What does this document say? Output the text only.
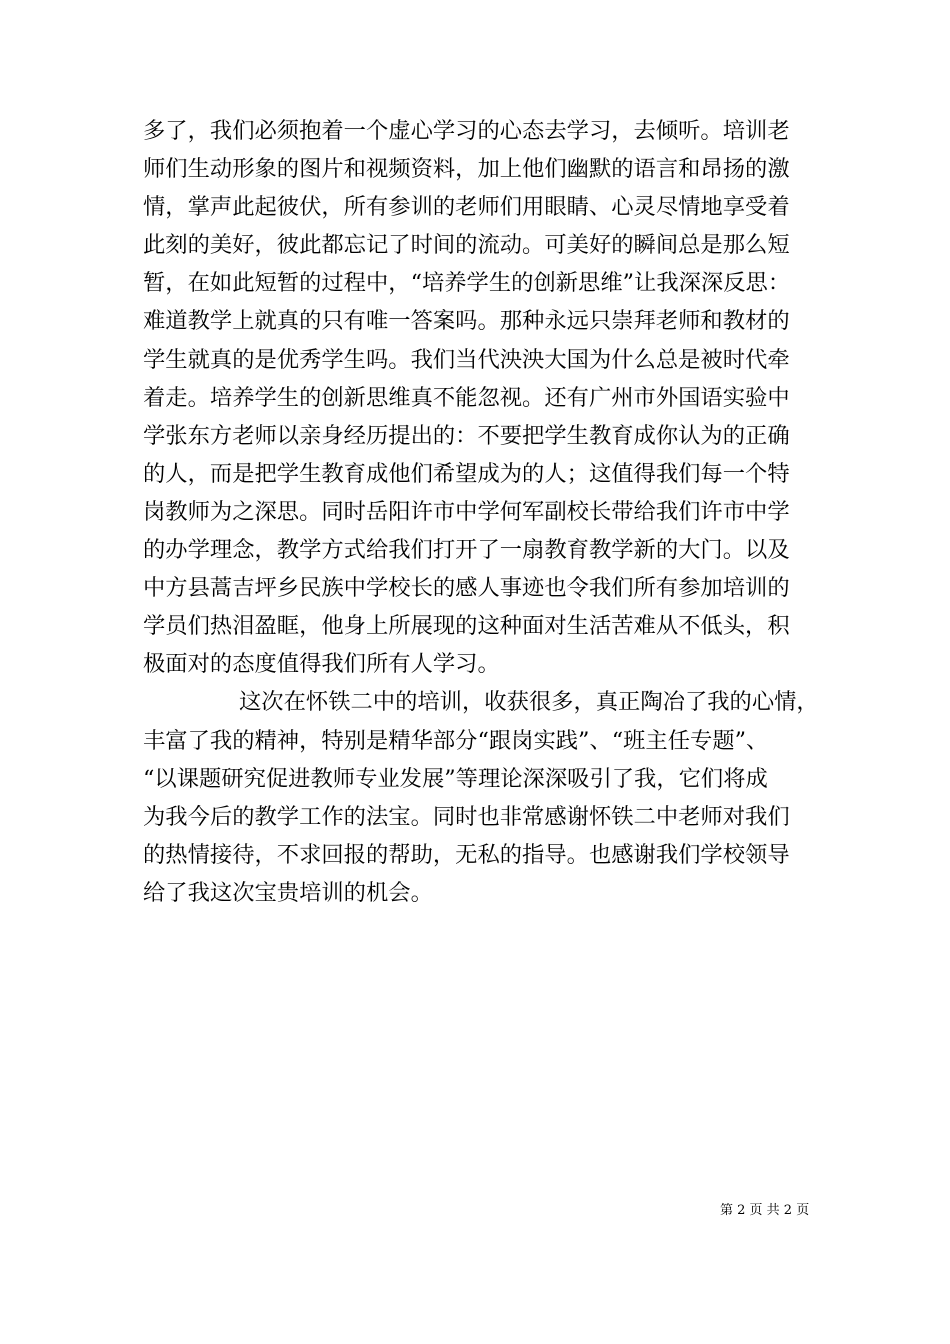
多了，我们必须抱着一个虚心学习的心态去学习，去倾听。培训老
师们生动形象的图片和视频资料，加上他们幽默的语言和昂扬的激
情，掌声此起彼伏，所有参训的老师们用眼睛、心灵尽情地享受着
此刻的美好，彼此都忘记了时间的流动。可美好的瞬间总是那么短
暂，在如此短暂的过程中，“培养学生的创新思维”让我深深反思：
难道教学上就真的只有唯一答案吗。那种永远只崇拜老师和教材的
学生就真的是优秀学生吗。我们当代泱泱大国为什么总是被时代牵
着走。培养学生的创新思维真不能忽视。还有广州市外国语实验中
学张东方老师以亲身经历提出的：不要把学生教育成你认为的正确
的人，而是把学生教育成他们希望成为的人；这值得我们每一个特
岗教师为之深思。同时岳阳许市中学何军副校长带给我们许市中学
的办学理念，教学方式给我们打开了一扇教育教学新的大门。以及
中方县蒿吉坪乡民族中学校长的感人事迹也令我们所有参加培训的
学员们热泪盈眶，他身上所展现的这种面对生活苦难从不低头，积
极面对的态度值得我们所有人学习。
这次在怀铁二中的培训，收获很多，真正陶冶了我的心情，
丰富了我的精神，特别是精华部分“跟岗实践”、“班主任专题”、
“以课题研究促进教师专业发展”等理论深深吸引了我，它们将成
为我今后的教学工作的法宝。同时也非常感谢怀铁二中老师对我们
的热情接待，不求回报的帮助，无私的指导。也感谢我们学校领导
给了我这次宝贵培训的机会。
第 2 页 共 2 页
